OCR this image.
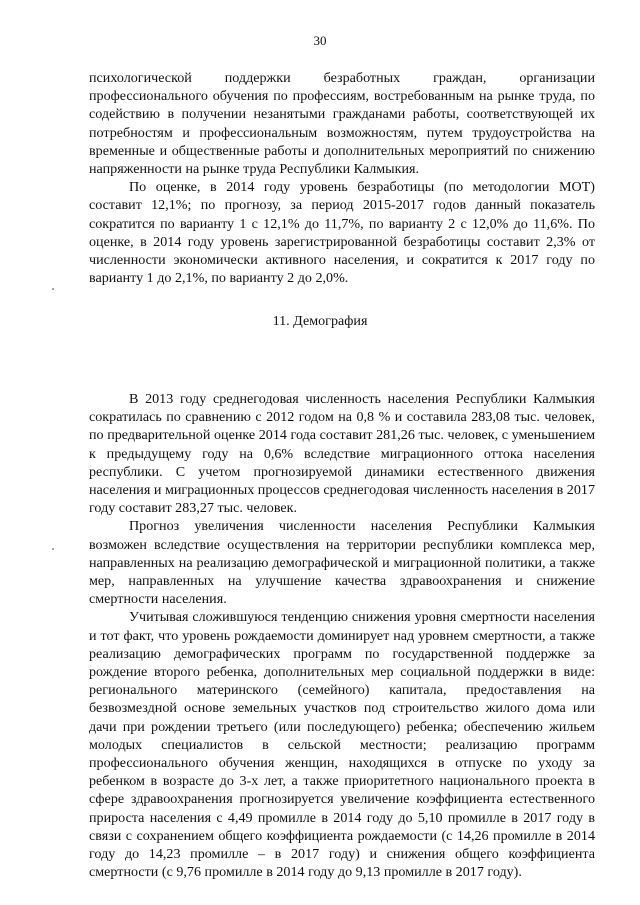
30

психологической поддержки безработных граждан, организации профессионального обучения по профессиям, востребованным на рынке труда, по содействию в получении незанятыми гражданами работы, соответствующей их потребностям и профессиональным возможностям, путем трудоустройства на временные и общественные работы и дополнительных мероприятий по снижению напряженности на рынке труда Республики Калмыкия.

По оценке, в 2014 году уровень безработицы (по методологии МОТ) составит 12,1%; по прогнозу, за период 2015-2017 годов данный показатель сократится по варианту 1 с 12,1% до 11,7%, по варианту 2 с 12,0% до 11,6%. По оценке, в 2014 году уровень зарегистрированной безработицы составит 2,3% от численности экономически активного населения, и сократится к 2017 году по варианту 1 до 2,1%, по варианту 2 до 2,0%.

11. Демография

В 2013 году среднегодовая численность населения Республики Калмыкия сократилась по сравнению с 2012 годом на 0,8 % и составила 283,08 тыс. человек, по предварительной оценке 2014 года составит 281,26 тыс. человек, с уменьшением к предыдущему году на 0,6% вследствие миграционного оттока населения республики. С учетом прогнозируемой динамики естественного движения населения и миграционных процессов среднегодовая численность населения в 2017 году составит 283,27 тыс. человек.

Прогноз увеличения численности населения Республики Калмыкия возможен вследствие осуществления на территории республики комплекса мер, направленных на реализацию демографической и миграционной политики, а также мер, направленных на улучшение качества здравоохранения и снижение смертности населения.

Учитывая сложившуюся тенденцию снижения уровня смертности населения и тот факт, что уровень рождаемости доминирует над уровнем смертности, а также реализацию демографических программ по государственной поддержке за рождение второго ребенка, дополнительных мер социальной поддержки в виде: регионального материнского (семейного) капитала, предоставления на безвозмездной основе земельных участков под строительство жилого дома или дачи при рождении третьего (или последующего) ребенка; обеспечению жильем молодых специалистов в сельской местности; реализацию программ профессионального обучения женщин, находящихся в отпуске по уходу за ребенком в возрасте до 3-х лет, а также приоритетного национального проекта в сфере здравоохранения прогнозируется увеличение коэффициента естественного прироста населения с 4,49 промилле в 2014 году до 5,10 промилле в 2017 году в связи с сохранением общего коэффициента рождаемости (с 14,26 промилле в 2014 году до 14,23 промилле – в 2017 году) и снижения общего коэффициента смертности (с 9,76 промилле в 2014 году до 9,13 промилле в 2017 году).
